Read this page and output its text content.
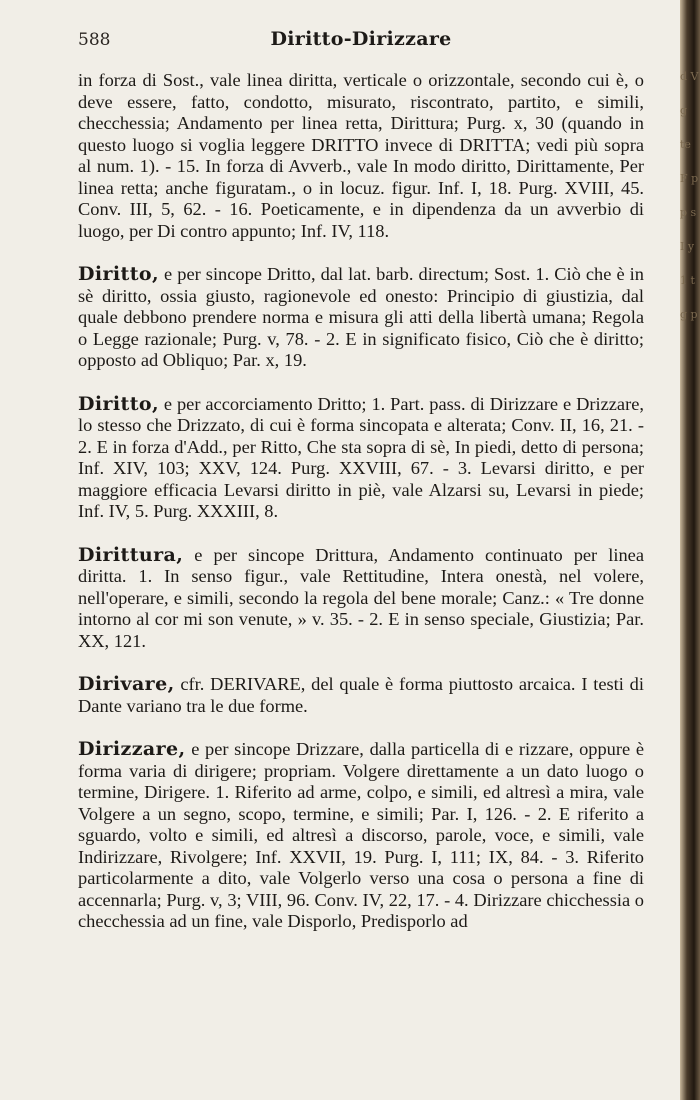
588	Diritto-Dirizzare

in forza di Sost., vale linea diritta, verticale o orizzontale, secondo cui è, o deve essere, fatto, condotto, misurato, riscontrato, partito, e simili, checchessia; Andamento per linea retta, Dirittura; Purg. x, 30 (quando in questo luogo si voglia leggere DRITTO invece di DRITTA; vedi più sopra al num. 1). - 15. In forza di Avverb., vale In modo diritto, Dirittamente, Per linea retta; anche figuratam., o in locuz. figur. Inf. I, 18. Purg. XVIII, 45. Conv. III, 5, 62. - 16. Poeticamente, e in dipendenza da un avverbio di luogo, per Di contro appunto; Inf. IV, 118.

Diritto, e per sincope Dritto, dal lat. barb. directum; Sost. 1. Ciò che è in sè diritto, ossia giusto, ragionevole ed onesto: Principio di giustizia, dal quale debbono prendere norma e misura gli atti della libertà umana; Regola o Legge razionale; Purg. v, 78. - 2. E in significato fisico, Ciò che è diritto; opposto ad Obliquo; Par. x, 19.

Diritto, e per accorciamento Dritto; 1. Part. pass. di Dirizzare e Drizzare, lo stesso che Drizzato, di cui è forma sincopata e alterata; Conv. II, 16, 21. - 2. E in forza d'Add., per Ritto, Che sta sopra di sè, In piedi, detto di persona; Inf. XIV, 103; XXV, 124. Purg. XXVIII, 67. - 3. Levarsi diritto, e per maggiore efficacia Levarsi diritto in piè, vale Alzarsi su, Levarsi in piede; Inf. IV, 5. Purg. XXXIII, 8.

Dirittura, e per sincope Drittura, Andamento continuato per linea diritta. 1. In senso figur., vale Rettitudine, Intera onestà, nel volere, nell'operare, e simili, secondo la regola del bene morale; Canz.: « Tre donne intorno al cor mi son venute, » v. 35. - 2. E in senso speciale, Giustizia; Par. XX, 121.

Dirivare, cfr. DERIVARE, del quale è forma piuttosto arcaica. I testi di Dante variano tra le due forme.

Dirizzare, e per sincope Drizzare, dalla particella di e rizzare, oppure è forma varia di dirigere; propriam. Volgere direttamente a un dato luogo o termine, Dirigere. 1. Riferito ad arme, colpo, e simili, ed altresì a mira, vale Volgere a un segno, scopo, termine, e simili; Par. I, 126. - 2. E riferito a sguardo, volto e simili, ed altresì a discorso, parole, voce, e simili, vale Indirizzare, Rivolgere; Inf. XXVII, 19. Purg. I, 111; IX, 84. - 3. Riferito particolarmente a dito, vale Volgerlo verso una cosa o persona a fine di accennarla; Purg. v, 3; VIII, 96. Conv. IV, 22, 17. - 4. Dirizzare chicchessia o checchessia ad un fine, vale Disporlo, Predisporlo ad

d V g te F p p s I y 1 t g p
